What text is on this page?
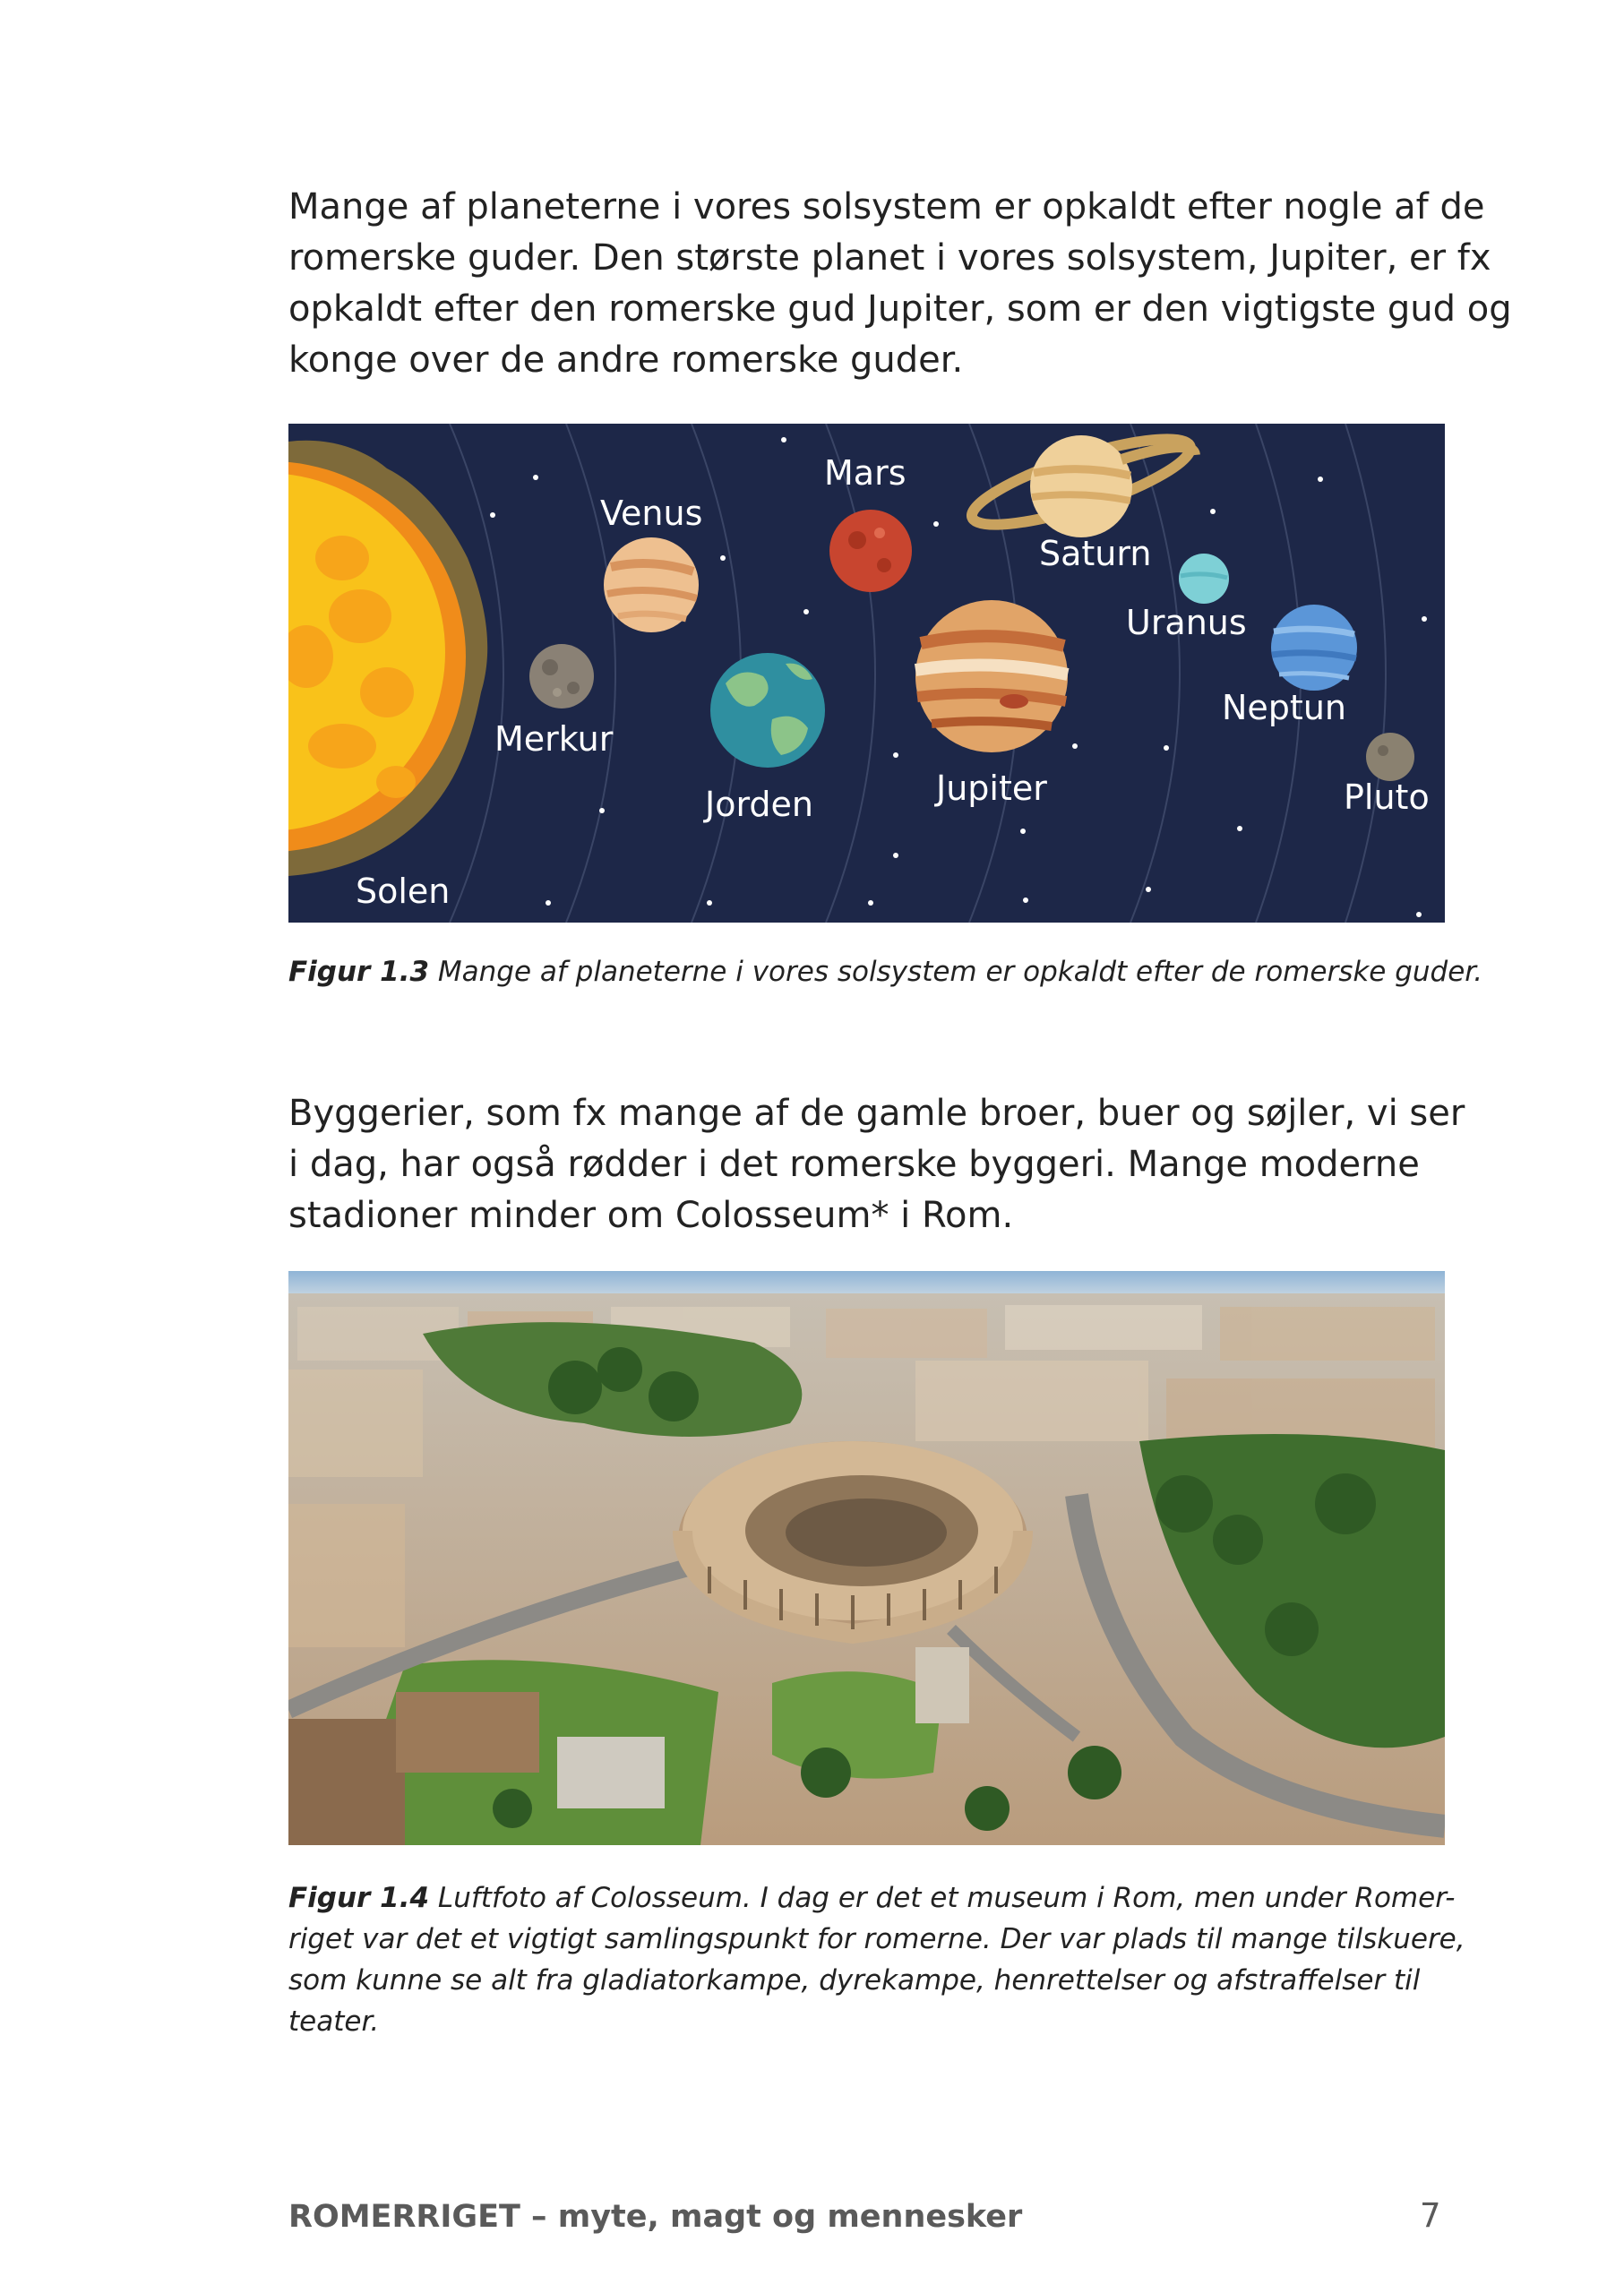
Mange af planeterne i vores solsystem er opkaldt efter nogle af de
romerske guder. Den største planet i vores solsystem, Jupiter, er fx
opkaldt efter den romerske gud Jupiter, som er den vigtigste gud og
konge over de andre romerske guder.

Solen
Merkur
Venus
Jorden
Mars
Jupiter
Saturn
Uranus
Neptun
Pluto

Figur 1.3 Mange af planeterne i vores solsystem er opkaldt efter de romerske guder.

Byggerier, som fx mange af de gamle broer, buer og søjler, vi ser
i dag, har også rødder i det romerske byggeri. Mange moderne
stadioner minder om Colosseum* i Rom.

Figur 1.4 Luftfoto af Colosseum. I dag er det et museum i Rom, men under Romer-
riget var det et vigtigt samlingspunkt for romerne. Der var plads til mange tilskuere,
som kunne se alt fra gladiatorkampe, dyrekampe, henrettelser og afstraffelser til
teater.
ROMERRIGET – myte, magt og mennesker	7
